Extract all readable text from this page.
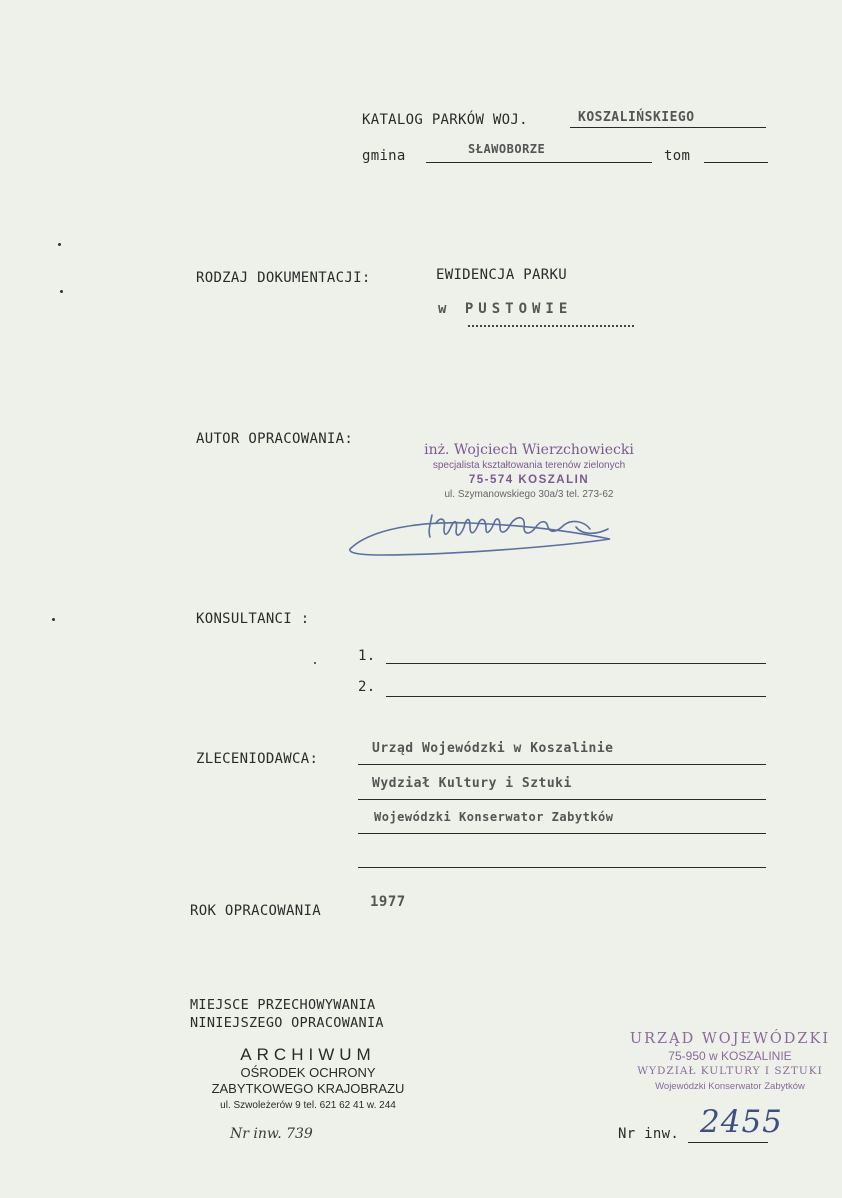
KATALOG PARKÓW WOJ.	KOSZALIŃSKIEGO
gmina	SŁAWOBORZE	tom
RODZAJ DOKUMENTACJI:	EWIDENCJA PARKU
w PUSTOWIE
AUTOR OPRACOWANIA:
inż. Wojciech Wierzchowiecki
specjalista kształtowania terenów zielonych
75-574 KOSZALIN
ul. Szymanowskiego 30a/3 tel. 273-62
KONSULTANCI :
1.
2.
ZLECENIODAWCA:
Urząd Wojewódzki w Koszalinie
Wydział Kultury i Sztuki
Wojewódzki Konserwator Zabytków
ROK OPRACOWANIA
1977
MIEJSCE PRZECHOWYWANIA
NINIEJSZEGO OPRACOWANIA
ARCHIWUM
OŚRODEK OCHRONY
ZABYTKOWEGO KRAJOBRAZU
ul. Szwoleżerów 9 tel. 621 62 41 w. 244
Nr inw. 739
URZĄD WOJEWÓDZKI
75-950 w KOSZALINIE
WYDZIAŁ KULTURY I SZTUKI
Wojewódzki Konserwator Zabytków
Nr inw. 2455
